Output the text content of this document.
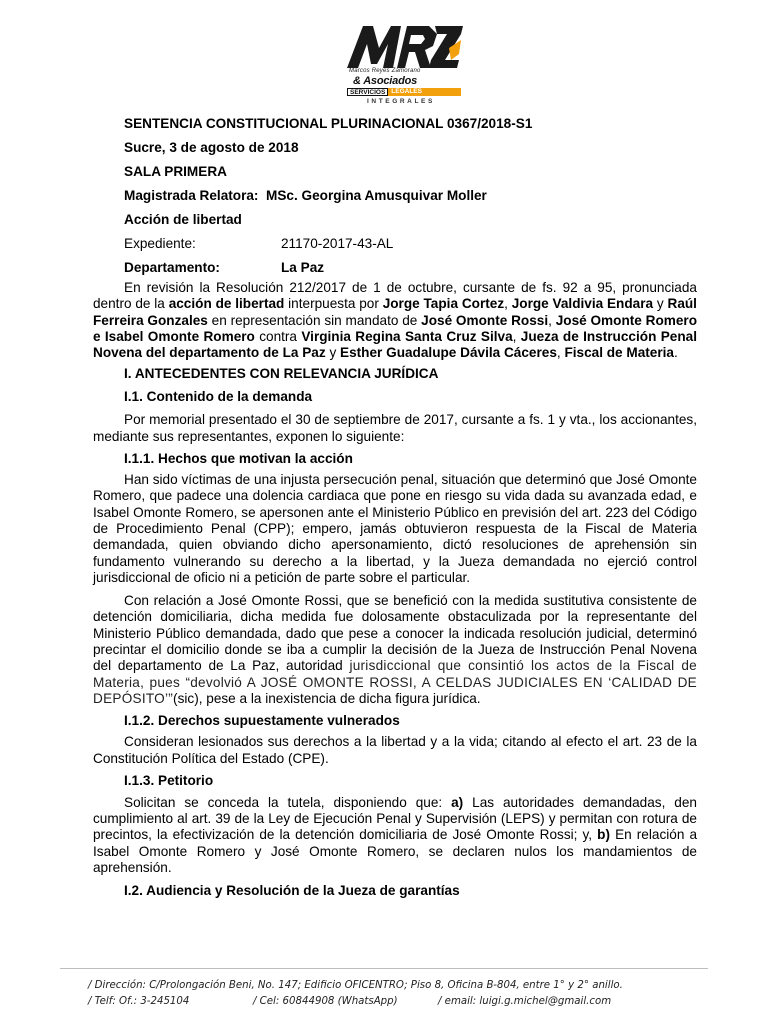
Marcos Reyes Zamorano
& Asociados
SERVICIOS LEGALES
INTEGRALES

SENTENCIA CONSTITUCIONAL PLURINACIONAL 0367/2018-S1

Sucre, 3 de agosto de 2018

SALA PRIMERA

Magistrada Relatora: MSc. Georgina Amusquivar Moller

Acción de libertad

Expediente:	21170-2017-43-AL
Departamento:	La Paz

En revisión la Resolución 212/2017 de 1 de octubre, cursante de fs. 92 a 95, pronunciada dentro de la acción de libertad interpuesta por Jorge Tapia Cortez, Jorge Valdivia Endara y Raúl Ferreira Gonzales en representación sin mandato de José Omonte Rossi, José Omonte Romero e Isabel Omonte Romero contra Virginia Regina Santa Cruz Silva, Jueza de Instrucción Penal Novena del departamento de La Paz y Esther Guadalupe Dávila Cáceres, Fiscal de Materia.

I. ANTECEDENTES CON RELEVANCIA JURÍDICA

I.1. Contenido de la demanda

Por memorial presentado el 30 de septiembre de 2017, cursante a fs. 1 y vta., los accionantes, mediante sus representantes, exponen lo siguiente:

I.1.1. Hechos que motivan la acción

Han sido víctimas de una injusta persecución penal, situación que determinó que José Omonte Romero, que padece una dolencia cardiaca que pone en riesgo su vida dada su avanzada edad, e Isabel Omonte Romero, se apersonen ante el Ministerio Público en previsión del art. 223 del Código de Procedimiento Penal (CPP); empero, jamás obtuvieron respuesta de la Fiscal de Materia demandada, quien obviando dicho apersonamiento, dictó resoluciones de aprehensión sin fundamento vulnerando su derecho a la libertad, y la Jueza demandada no ejerció control jurisdiccional de oficio ni a petición de parte sobre el particular.

Con relación a José Omonte Rossi, que se benefició con la medida sustitutiva consistente de detención domiciliaria, dicha medida fue dolosamente obstaculizada por la representante del Ministerio Público demandada, dado que pese a conocer la indicada resolución judicial, determinó precintar el domicilio donde se iba a cumplir la decisión de la Jueza de Instrucción Penal Novena del departamento de La Paz, autoridad jurisdiccional que consintió los actos de la Fiscal de Materia, pues “devolvió A JOSÉ OMONTE ROSSI, A CELDAS JUDICIALES EN ‘CALIDAD DE DEPÓSITO’”(sic), pese a la inexistencia de dicha figura jurídica.

I.1.2. Derechos supuestamente vulnerados

Consideran lesionados sus derechos a la libertad y a la vida; citando al efecto el art. 23 de la Constitución Política del Estado (CPE).

I.1.3. Petitorio

Solicitan se conceda la tutela, disponiendo que: a) Las autoridades demandadas, den cumplimiento al art. 39 de la Ley de Ejecución Penal y Supervisión (LEPS) y permitan con rotura de precintos, la efectivización de la detención domiciliaria de José Omonte Rossi; y, b) En relación a Isabel Omonte Romero y José Omonte Romero, se declaren nulos los mandamientos de aprehensión.

I.2. Audiencia y Resolución de la Jueza de garantías

/ Dirección: C/Prolongación Beni, No. 147; Edificio OFICENTRO; Piso 8, Oficina B-804, entre 1° y 2° anillo.
/ Telf: Of.: 3-245104	/ Cel: 60844908 (WhatsApp)	/ email: luigi.g.michel@gmail.com
